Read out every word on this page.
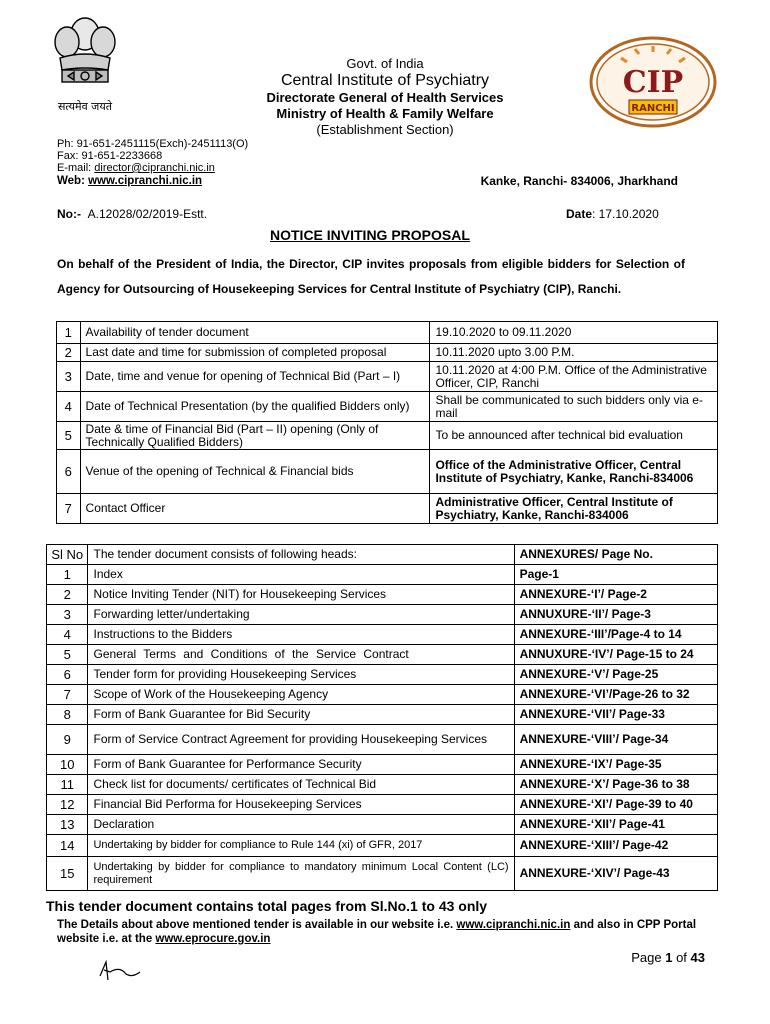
सत्यमेव जयते
CIP
RANCHI
Govt. of India
Central Institute of Psychiatry
Directorate General of Health Services
Ministry of Health & Family Welfare
(Establishment Section)
Ph: 91-651-2451115(Exch)-2451113(O)
Fax: 91-651-2233668
E-mail: director@cipranchi.nic.in
Web: www.cipranchi.nic.in	Kanke, Ranchi- 834006, Jharkhand
No:- A.12028/02/2019-Estt.	Date: 17.10.2020
NOTICE INVITING PROPOSAL
On behalf of the President of India, the Director, CIP invites proposals from eligible bidders for Selection of Agency for Outsourcing of Housekeeping Services for Central Institute of Psychiatry (CIP), Ranchi.
1	Availability of tender document	19.10.2020 to 09.11.2020
2	Last date and time for submission of completed proposal	10.11.2020 upto 3.00 P.M.
3	Date, time and venue for opening of Technical Bid (Part – I)	10.11.2020 at 4:00 P.M. Office of the Administrative Officer, CIP, Ranchi
4	Date of Technical Presentation (by the qualified Bidders only)	Shall be communicated to such bidders only via e-mail
5	Date & time of Financial Bid (Part – II) opening (Only of Technically Qualified Bidders)	To be announced after technical bid evaluation
6	Venue of the opening of Technical & Financial bids	Office of the Administrative Officer, Central Institute of Psychiatry, Kanke, Ranchi-834006
7	Contact Officer	Administrative Officer, Central Institute of Psychiatry, Kanke, Ranchi-834006
Sl No	The tender document consists of following heads:	ANNEXURES/ Page No.
1	Index	Page-1
2	Notice Inviting Tender (NIT) for Housekeeping Services	ANNEXURE-‘I’/ Page-2
3	Forwarding letter/undertaking	ANNUXURE-‘II’/ Page-3
4	Instructions to the Bidders	ANNEXURE-‘III’/Page-4 to 14
5	General Terms and Conditions of the Service Contract	ANNUXURE-‘IV’/ Page-15 to 24
6	Tender form for providing Housekeeping Services	ANNEXURE-‘V’/ Page-25
7	Scope of Work of the Housekeeping Agency	ANNEXURE-‘VI’/Page-26 to 32
8	Form of Bank Guarantee for Bid Security	ANNEXURE-‘VII’/ Page-33
9	Form of Service Contract Agreement for providing Housekeeping Services	ANNEXURE-‘VIII’/ Page-34
10	Form of Bank Guarantee for Performance Security	ANNEXURE-‘IX’/ Page-35
11	Check list for documents/ certificates of Technical Bid	ANNEXURE-‘X’/ Page-36 to 38
12	Financial Bid Performa for Housekeeping Services	ANNEXURE-‘XI’/ Page-39 to 40
13	Declaration	ANNEXURE-‘XII’/ Page-41
14	Undertaking by bidder for compliance to Rule 144 (xi) of GFR, 2017	ANNEXURE-‘XIII’/ Page-42
15	Undertaking by bidder for compliance to mandatory minimum Local Content (LC) requirement	ANNEXURE-‘XIV’/ Page-43
This tender document contains total pages from Sl.No.1 to 43 only
The Details about above mentioned tender is available in our website i.e. www.cipranchi.nic.in and also in CPP Portal website i.e. at the www.eprocure.gov.in
Page 1 of 43
